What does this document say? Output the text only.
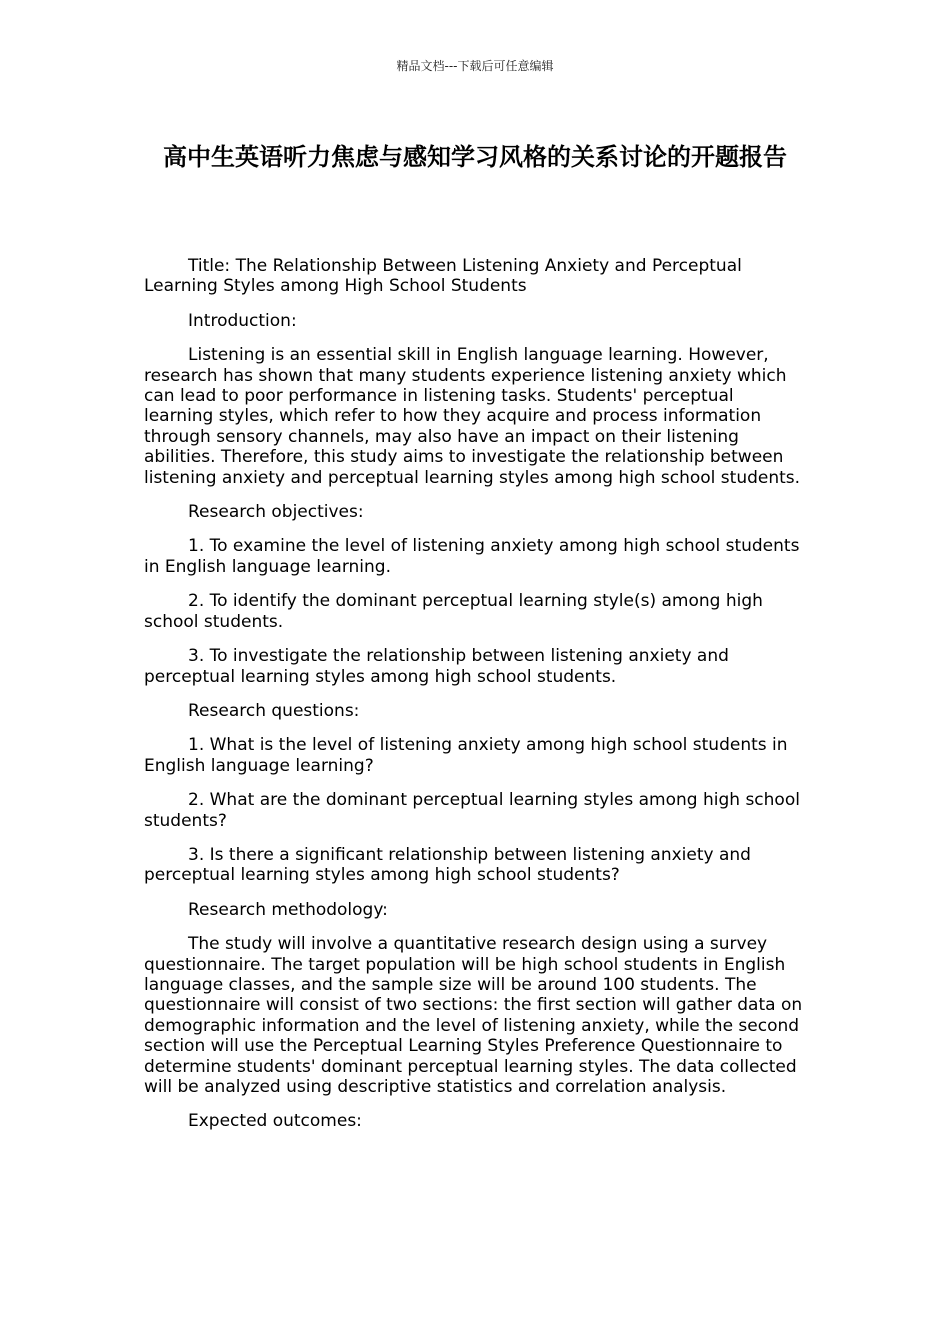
精品文档---下载后可任意编辑
高中生英语听力焦虑与感知学习风格的关系讨论的开题报告

Title: The Relationship Between Listening Anxiety and Perceptual Learning Styles among High School Students

Introduction:

Listening is an essential skill in English language learning. However, research has shown that many students experience listening anxiety which can lead to poor performance in listening tasks. Students' perceptual learning styles, which refer to how they acquire and process information through sensory channels, may also have an impact on their listening abilities. Therefore, this study aims to investigate the relationship between listening anxiety and perceptual learning styles among high school students.

Research objectives:

1. To examine the level of listening anxiety among high school students in English language learning.

2. To identify the dominant perceptual learning style(s) among high school students.

3. To investigate the relationship between listening anxiety and perceptual learning styles among high school students.

Research questions:

1. What is the level of listening anxiety among high school students in English language learning?

2. What are the dominant perceptual learning styles among high school students?

3. Is there a significant relationship between listening anxiety and perceptual learning styles among high school students?

Research methodology:

The study will involve a quantitative research design using a survey questionnaire. The target population will be high school students in English language classes, and the sample size will be around 100 students. The questionnaire will consist of two sections: the first section will gather data on demographic information and the level of listening anxiety, while the second section will use the Perceptual Learning Styles Preference Questionnaire to determine students' dominant perceptual learning styles. The data collected will be analyzed using descriptive statistics and correlation analysis.

Expected outcomes:
